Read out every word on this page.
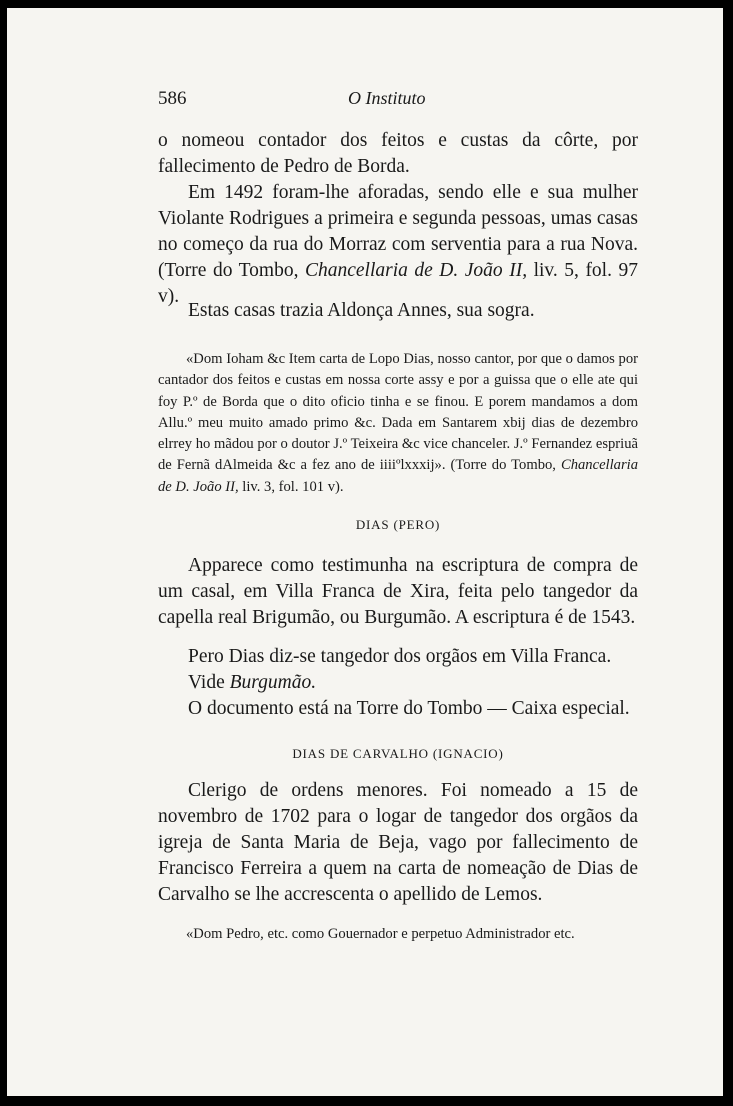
586	O Instituto

o nomeou contador dos feitos e custas da côrte, por fallecimento de Pedro de Borda.

Em 1492 foram-lhe aforadas, sendo elle e sua mulher Violante Rodrigues a primeira e segunda pessoas, umas casas no começo da rua do Morraz com serventia para a rua Nova. (Torre do Tombo, Chancellaria de D. João II, liv. 5, fol. 97 v).

Estas casas trazia Aldonça Annes, sua sogra.

«Dom Ioham &c Item carta de Lopo Dias, nosso cantor, por que o damos por cantador dos feitos e custas em nossa corte assy e por a guissa que o elle ate qui foy P.º de Borda que o dito oficio tinha e se finou. E porem mandamos a dom Allu.º meu muito amado primo &c. Dada em Santarem xbij dias de dezembro elrrey ho mãdou por o doutor J.º Teixeira &c vice chanceler. J.º Fernandez espriuã de Fernã dAlmeida &c a fez ano de iiiiºlxxxij». (Torre do Tombo, Chancellaria de D. João II, liv. 3, fol. 101 v).

DIAS (PERO)

Apparece como testimunha na escriptura de compra de um casal, em Villa Franca de Xira, feita pelo tangedor da capella real Brigumão, ou Burgumão. A escriptura é de 1543.

Pero Dias diz-se tangedor dos orgãos em Villa Franca.

Vide Burgumão.

O documento está na Torre do Tombo — Caixa especial.

DIAS DE CARVALHO (IGNACIO)

Clerigo de ordens menores. Foi nomeado a 15 de novembro de 1702 para o logar de tangedor dos orgãos da igreja de Santa Maria de Beja, vago por fallecimento de Francisco Ferreira a quem na carta de nomeação de Dias de Carvalho se lhe accrescenta o apellido de Lemos.

«Dom Pedro, etc. como Gouernador e perpetuo Administrador etc.
